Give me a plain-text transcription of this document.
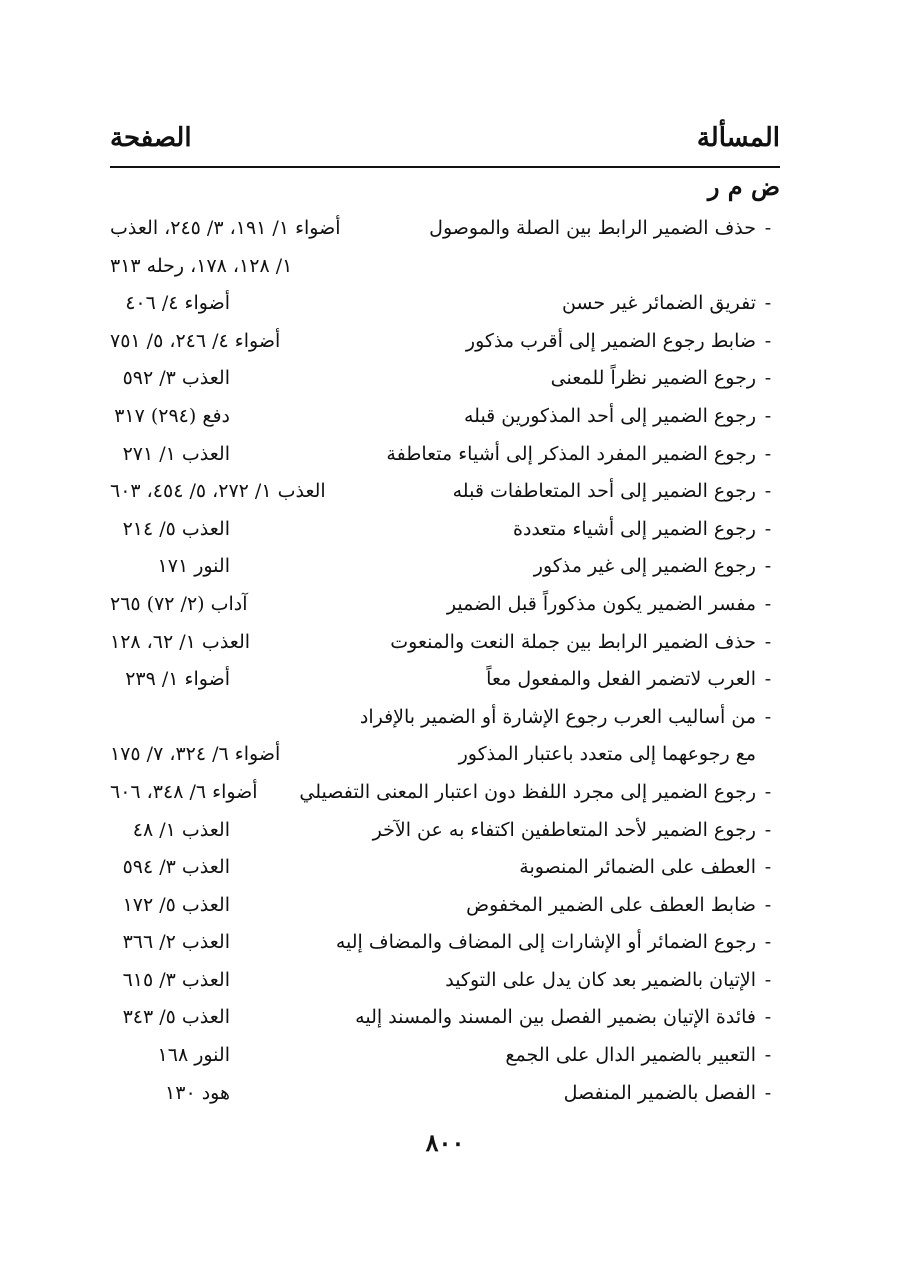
المسألة
الصفحة
ض م ر
-
حذف الضمير الرابط بين الصلة والموصول
أضواء ١/ ١٩١، ٣/ ٢٤٥، العذب
١/ ١٢٨، ١٧٨، رحله ٣١٣
-
تفريق الضمائر غير حسن
أضواء ٤/ ٤٠٦
-
ضابط رجوع الضمير إلى أقرب مذكور
أضواء ٤/ ٢٤٦، ٥/ ٧٥١
-
رجوع الضمير نظراً للمعنى
العذب ٣/ ٥٩٢
-
رجوع الضمير إلى أحد المذكورين قبله
دفع (٢٩٤) ٣١٧
-
رجوع الضمير المفرد المذكر إلى أشياء متعاطفة
العذب ١/ ٢٧١
-
رجوع الضمير إلى أحد المتعاطفات قبله
العذب ١/ ٢٧٢، ٥/ ٤٥٤، ٦٠٣
-
رجوع الضمير إلى أشياء متعددة
العذب ٥/ ٢١٤
-
رجوع الضمير إلى غير مذكور
النور ١٧١
-
مفسر الضمير يكون مذكوراً قبل الضمير
آداب (٢/ ٧٢) ٢٦٥
-
حذف الضمير الرابط بين جملة النعت والمنعوت
العذب ١/ ٦٢، ١٢٨
-
العرب لاتضمر الفعل والمفعول معاً
أضواء ١/ ٢٣٩
-
من أساليب العرب رجوع الإشارة أو الضمير بالإفراد
مع رجوعهما إلى متعدد باعتبار المذكور
أضواء ٦/ ٣٢٤، ٧/ ١٧٥
-
رجوع الضمير إلى مجرد اللفظ دون اعتبار المعنى التفصيلي
أضواء ٦/ ٣٤٨، ٦٠٦
-
رجوع الضمير لأحد المتعاطفين اكتفاء به عن الآخر
العذب ١/ ٤٨
-
العطف على الضمائر المنصوبة
العذب ٣/ ٥٩٤
-
ضابط العطف على الضمير المخفوض
العذب ٥/ ١٧٢
-
رجوع الضمائر أو الإشارات إلى المضاف والمضاف إليه
العذب ٢/ ٣٦٦
-
الإتيان بالضمير بعد كان يدل على التوكيد
العذب ٣/ ٦١٥
-
فائدة الإتيان بضمير الفصل بين المسند والمسند إليه
العذب ٥/ ٣٤٣
-
التعبير بالضمير الدال على الجمع
النور ١٦٨
-
الفصل بالضمير المنفصل
هود ١٣٠
٨٠٠
